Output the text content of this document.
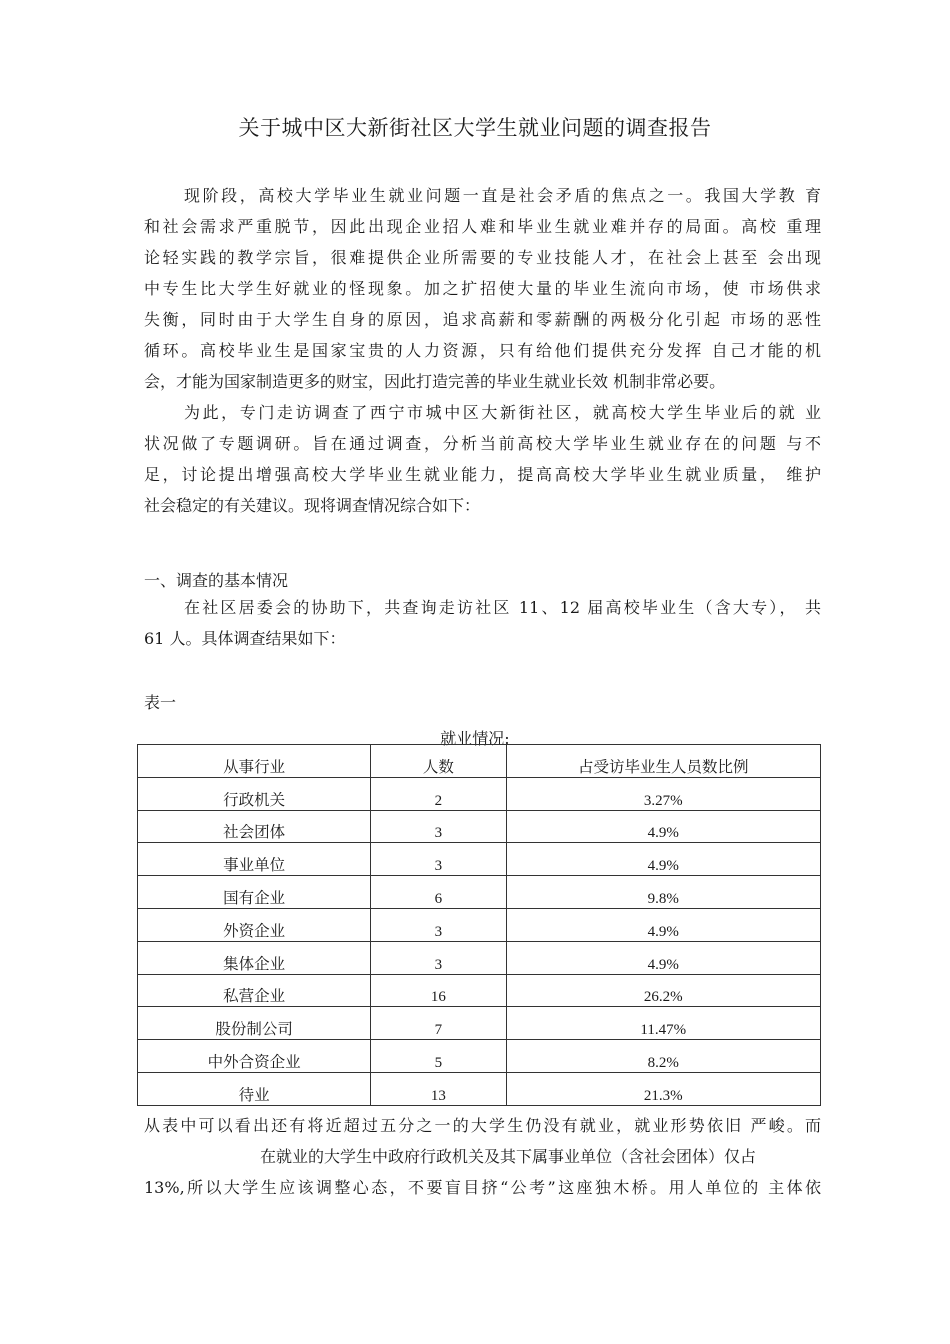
关于城中区大新街社区大学生就业问题的调查报告
现阶段，高校大学毕业生就业问题一直是社会矛盾的焦点之一。我国大学教 育
和社会需求严重脱节，因此出现企业招人难和毕业生就业难并存的局面。高校 重理
论轻实践的教学宗旨，很难提供企业所需要的专业技能人才，在社会上甚至 会出现
中专生比大学生好就业的怪现象。加之扩招使大量的毕业生流向市场，使 市场供求
失衡，同时由于大学生自身的原因，追求高薪和零薪酬的两极分化引起 市场的恶性
循环。高校毕业生是国家宝贵的人力资源，只有给他们提供充分发挥 自己才能的机
会，才能为国家制造更多的财宝，因此打造完善的毕业生就业长效 机制非常必要。
为此，专门走访调查了西宁市城中区大新街社区，就高校大学生毕业后的就 业
状况做了专题调研。旨在通过调查，分析当前高校大学毕业生就业存在的问题 与不
足，讨论提出增强高校大学毕业生就业能力，提高高校大学毕业生就业质量， 维护
社会稳定的有关建议。现将调查情况综合如下：
一、调查的基本情况
在社区居委会的协助下，共查询走访社区 11、12 届高校毕业生（含大专）， 共
61 人。具体调查结果如下：
表一
就业情况:
从事行业	人数	占受访毕业生人员数比例
行政机关	2	3.27%
社会团体	3	4.9%
事业单位	3	4.9%
国有企业	6	9.8%
外资企业	3	4.9%
集体企业	3	4.9%
私营企业	16	26.2%
股份制公司	7	11.47%
中外合资企业	5	8.2%
待业	13	21.3%
从表中可以看出还有将近超过五分之一的大学生仍没有就业，就业形势依旧 严峻。而
在就业的大学生中政府行政机关及其下属事业单位（含社会团体）仅占
13%,所以大学生应该调整心态，不要盲目挤“公考”这座独木桥。用人单位的 主体依
